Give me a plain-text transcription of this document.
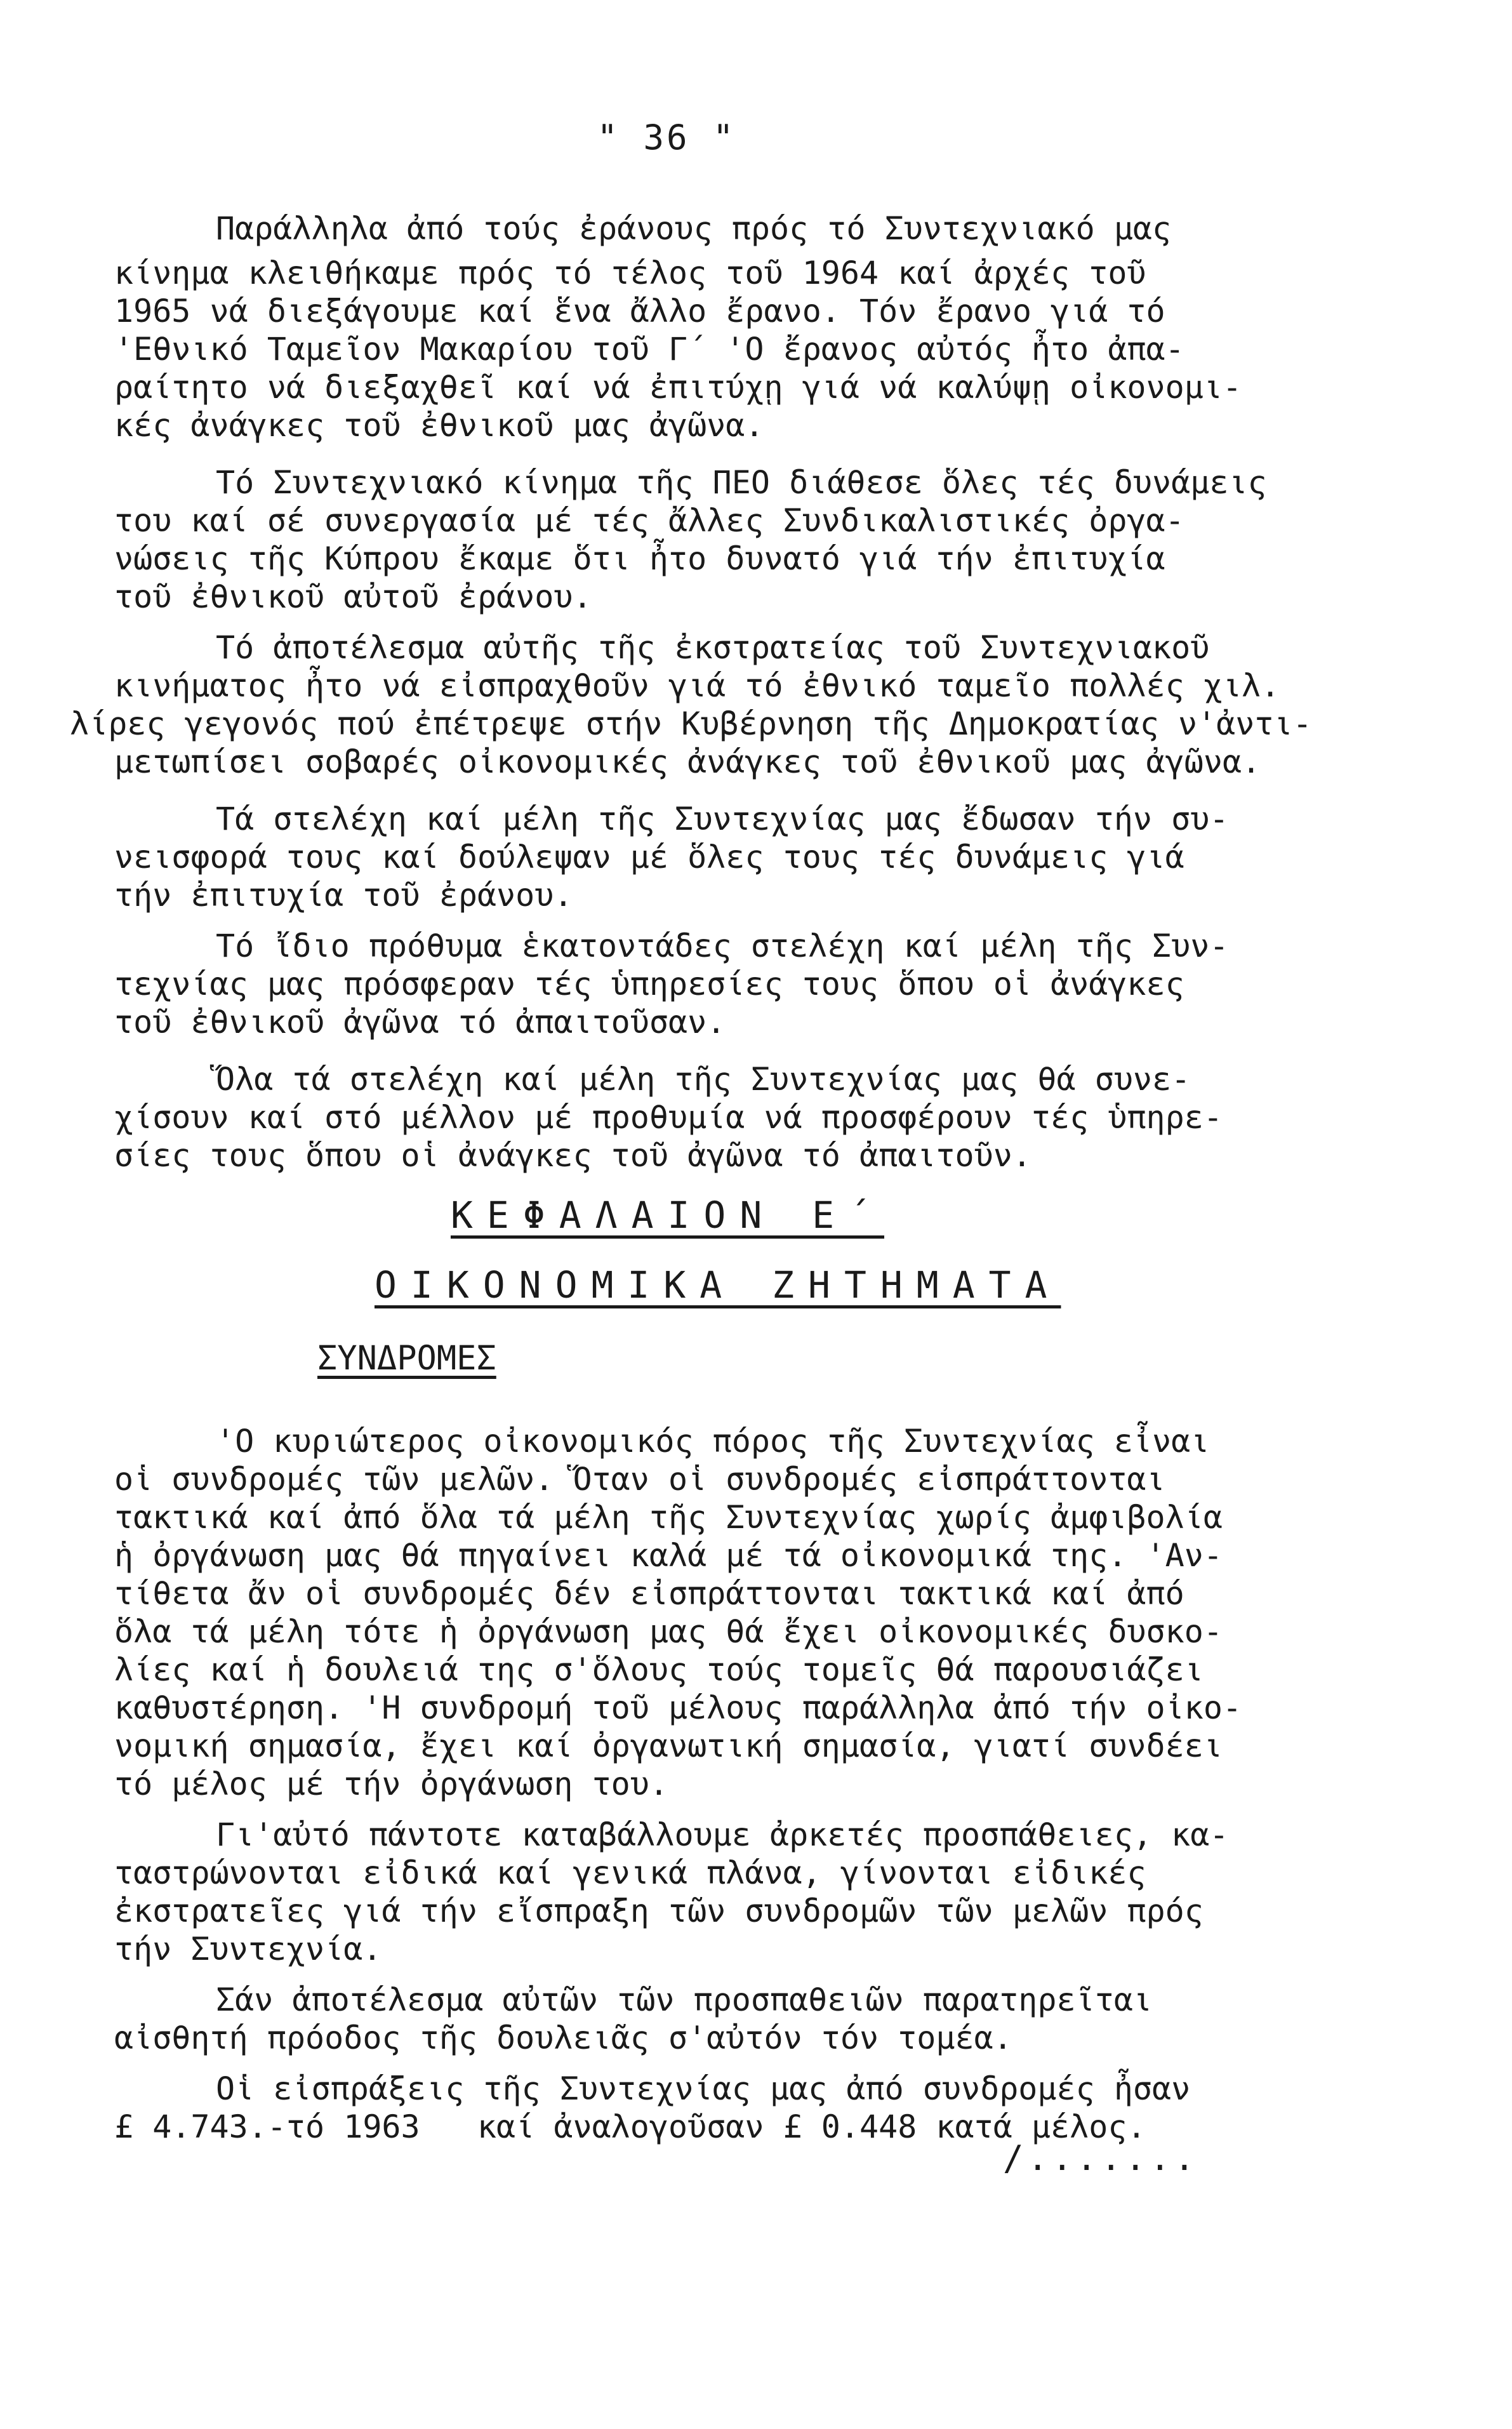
" 36 "
Παράλληλα ἀπό τούς ἐράνους πρός τό Συντεχνιακό μας
κίνημα κλειθήκαμε πρός τό τέλος τοῦ 1964 καί ἀρχές τοῦ
1965 νά διεξάγουμε καί ἕνα ἄλλο ἔρανο. Τόν ἔρανο γιά τό
'Εθνικό Ταμεῖον Μακαρίου τοῦ Γ΄ 'Ο ἔρανος αὐτός ἦτο ἀπα-
ραίτητο νά διεξαχθεῖ καί νά ἐπιτύχῃ γιά νά καλύψῃ οἰκονομι-
κές ἀνάγκες τοῦ ἐθνικοῦ μας ἀγῶνα.
Τό Συντεχνιακό κίνημα τῆς ΠΕΟ διάθεσε ὅλες τές δυνάμεις
του καί σέ συνεργασία μέ τές ἄλλες Συνδικαλιστικές ὀργα-
νώσεις τῆς Κύπρου ἔκαμε ὅτι ἦτο δυνατό γιά τήν ἐπιτυχία
τοῦ ἐθνικοῦ αὐτοῦ ἐράνου.
Τό ἀποτέλεσμα αὐτῆς τῆς ἐκστρατείας τοῦ Συντεχνιακοῦ
κινήματος ἦτο νά εἰσπραχθοῦν γιά τό ἐθνικό ταμεῖο πολλές χιλ.
λίρες γεγονός πού ἐπέτρεψε στήν Κυβέρνηση τῆς Δημοκρατίας ν'ἀντι-
μετωπίσει σοβαρές οἰκονομικές ἀνάγκες τοῦ ἐθνικοῦ μας ἀγῶνα.
Τά στελέχη καί μέλη τῆς Συντεχνίας μας ἔδωσαν τήν συ-
νεισφορά τους καί δούλεψαν μέ ὅλες τους τές δυνάμεις γιά
τήν ἐπιτυχία τοῦ ἐράνου.
Τό ἴδιο πρόθυμα ἑκατοντάδες στελέχη καί μέλη τῆς Συν-
τεχνίας μας πρόσφεραν τές ὑπηρεσίες τους ὅπου οἱ ἀνάγκες
τοῦ ἐθνικοῦ ἀγῶνα τό ἀπαιτοῦσαν.
Ὅλα τά στελέχη καί μέλη τῆς Συντεχνίας μας θά συνε-
χίσουν καί στό μέλλον μέ προθυμία νά προσφέρουν τές ὑπηρε-
σίες τους ὅπου οἱ ἀνάγκες τοῦ ἀγῶνα τό ἀπαιτοῦν.
ΚΕΦΑΛΑΙΟΝ Ε΄
ΟΙΚΟΝΟΜΙΚΑ ΖΗΤΗΜΑΤΑ
ΣΥΝΔΡΟΜΕΣ
'Ο κυριώτερος οἰκονομικός πόρος τῆς Συντεχνίας εἶναι
οἱ συνδρομές τῶν μελῶν. Ὅταν οἱ συνδρομές εἰσπράττονται
τακτικά καί ἀπό ὅλα τά μέλη τῆς Συντεχνίας χωρίς ἀμφιβολία
ἡ ὀργάνωση μας θά πηγαίνει καλά μέ τά οἰκονομικά της. 'Αν-
τίθετα ἄν οἱ συνδρομές δέν εἰσπράττονται τακτικά καί ἀπό
ὅλα τά μέλη τότε ἡ ὀργάνωση μας θά ἔχει οἰκονομικές δυσκο-
λίες καί ἡ δουλειά της σ'ὅλους τούς τομεῖς θά παρουσιάζει
καθυστέρηση. 'Η συνδρομή τοῦ μέλους παράλληλα ἀπό τήν οἰκο-
νομική σημασία, ἔχει καί ὀργανωτική σημασία, γιατί συνδέει
τό μέλος μέ τήν ὀργάνωση του.
Γι'αὐτό πάντοτε καταβάλλουμε ἀρκετές προσπάθειες, κα-
ταστρώνονται εἰδικά καί γενικά πλάνα, γίνονται εἰδικές
ἐκστρατεῖες γιά τήν εἴσπραξη τῶν συνδρομῶν τῶν μελῶν πρός
τήν Συντεχνία.
Σάν ἀποτέλεσμα αὐτῶν τῶν προσπαθειῶν παρατηρεῖται
αἰσθητή πρόοδος τῆς δουλειᾶς σ'αὐτόν τόν τομέα.
Οἱ εἰσπράξεις τῆς Συντεχνίας μας ἀπό συνδρομές ἦσαν
£ 4.743.-τό 1963   καί ἀναλογοῦσαν £ 0.448 κατά μέλος.
/.......
